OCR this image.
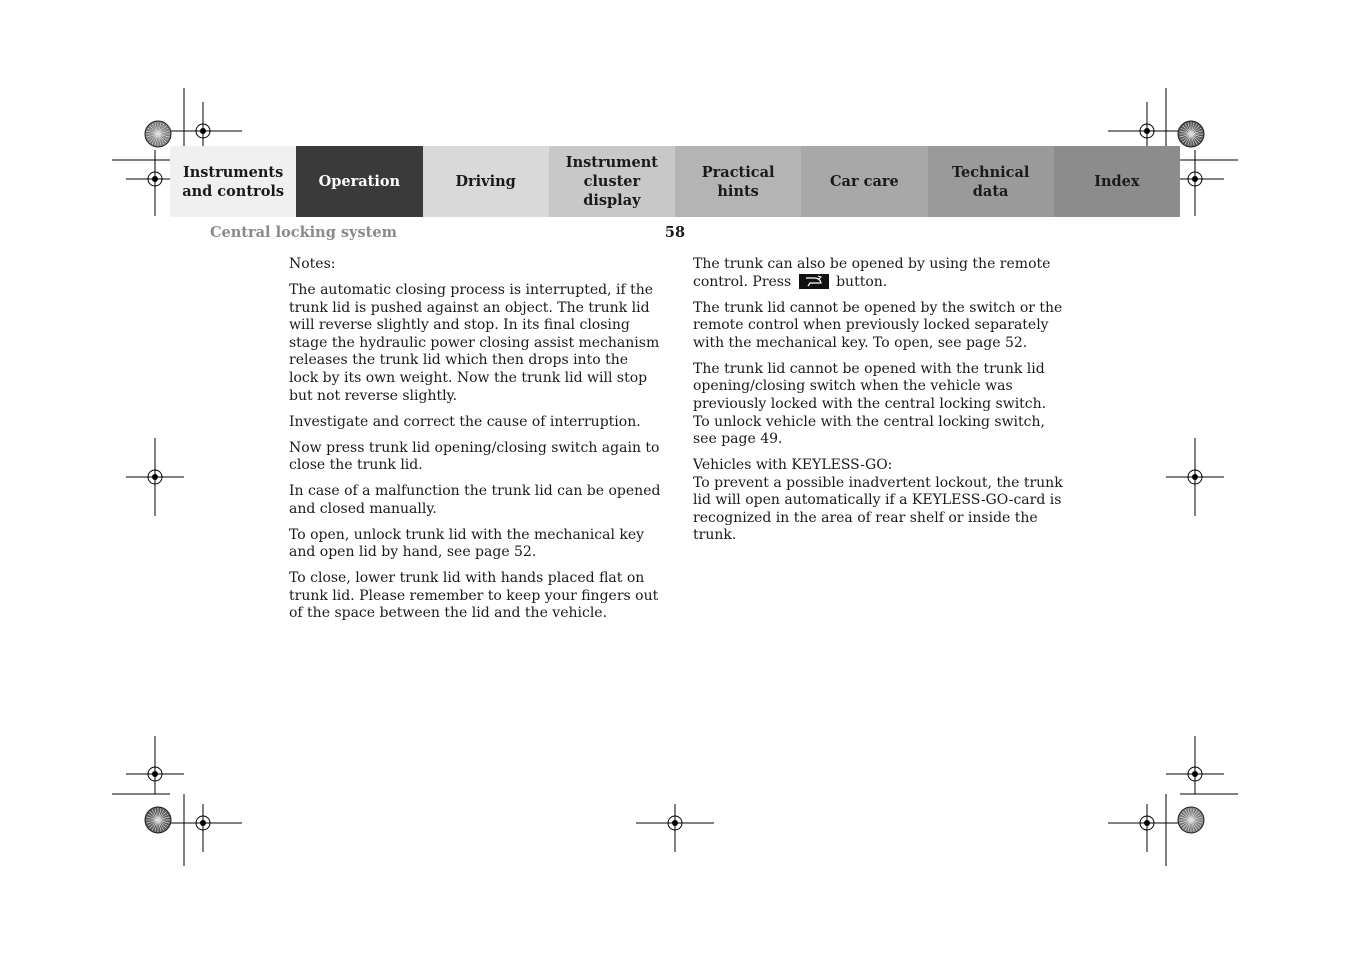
Instruments
and controls
Operation	Driving
Instrument
cluster display
Practical hints
Car care
Technical
data
Index
Central locking system	58

Notes:

The automatic closing process is interrupted, if the trunk lid is pushed against an object. The trunk lid will reverse slightly and stop. In its final closing stage the hydraulic power closing assist mechanism releases the trunk lid which then drops into the lock by its own weight. Now the trunk lid will stop but not reverse slightly.

Investigate and correct the cause of interruption.

Now press trunk lid opening/closing switch again to close the trunk lid.

In case of a malfunction the trunk lid can be opened and closed manually.

To open, unlock trunk lid with the mechanical key and open lid by hand, see page 52.

To close, lower trunk lid with hands placed flat on trunk lid. Please remember to keep your fingers out of the space between the lid and the vehicle.

The trunk can also be opened by using the remote control. Press	button.

The trunk lid cannot be opened by the switch or the remote control when previously locked separately with the mechanical key. To open, see page 52.

The trunk lid cannot be opened with the trunk lid opening/closing switch when the vehicle was previously locked with the central locking switch. To unlock vehicle with the central locking switch, see page 49.

Vehicles with KEYLESS-GO:
To prevent a possible inadvertent lockout, the trunk lid will open automatically if a KEYLESS-GO-card is recognized in the area of rear shelf or inside the trunk.
